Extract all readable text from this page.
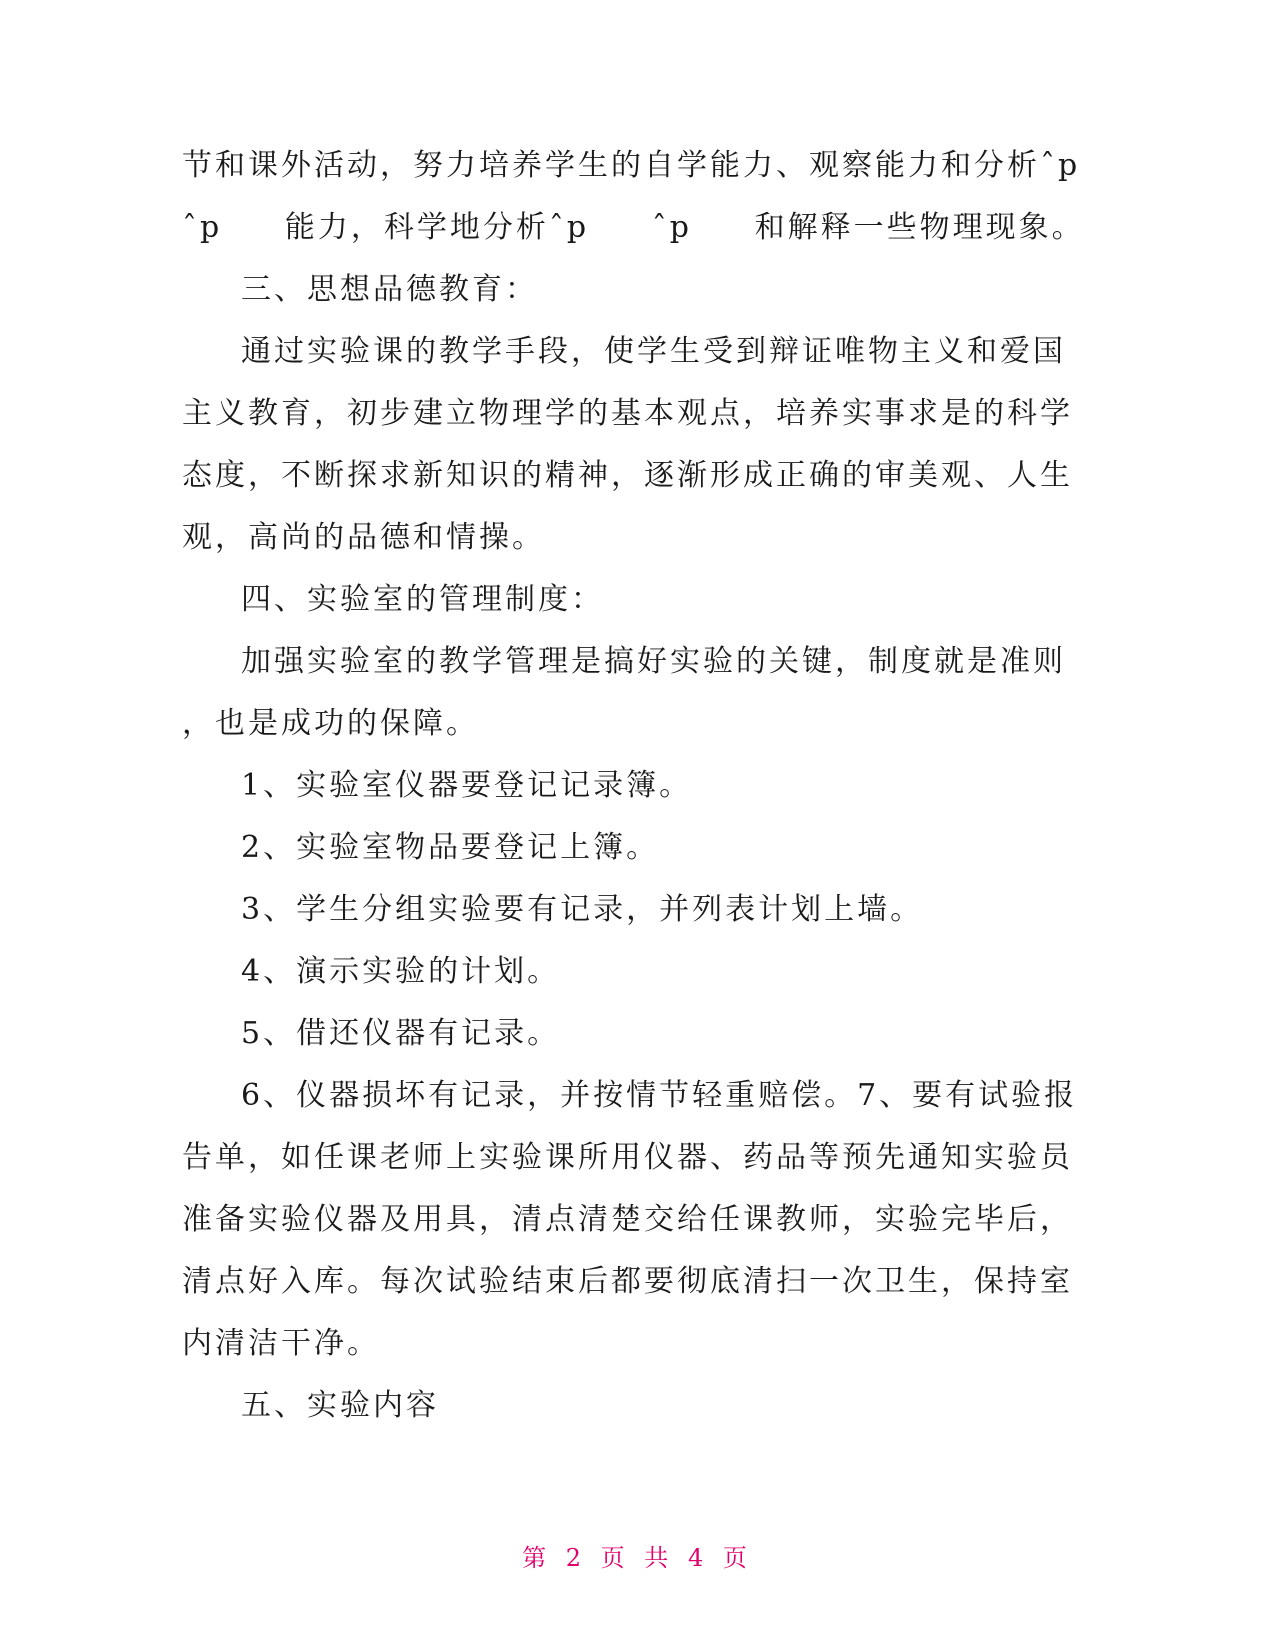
节和课外活动，努力培养学生的自学能力、观察能力和分析ˆp
ˆp     能力，科学地分析ˆp     ˆp     和解释一些物理现象。
三、思想品德教育：
通过实验课的教学手段，使学生受到辩证唯物主义和爱国
主义教育，初步建立物理学的基本观点，培养实事求是的科学
态度，不断探求新知识的精神，逐渐形成正确的审美观、人生
观，高尚的品德和情操。
四、实验室的管理制度：
加强实验室的教学管理是搞好实验的关键，制度就是准则
，也是成功的保障。
1、实验室仪器要登记记录簿。
2、实验室物品要登记上簿。
3、学生分组实验要有记录，并列表计划上墙。
4、演示实验的计划。
5、借还仪器有记录。
6、仪器损坏有记录，并按情节轻重赔偿。7、要有试验报
告单，如任课老师上实验课所用仪器、药品等预先通知实验员
准备实验仪器及用具，清点清楚交给任课教师，实验完毕后，
清点好入库。每次试验结束后都要彻底清扫一次卫生，保持室
内清洁干净。
五、实验内容
第 2 页 共 4 页
